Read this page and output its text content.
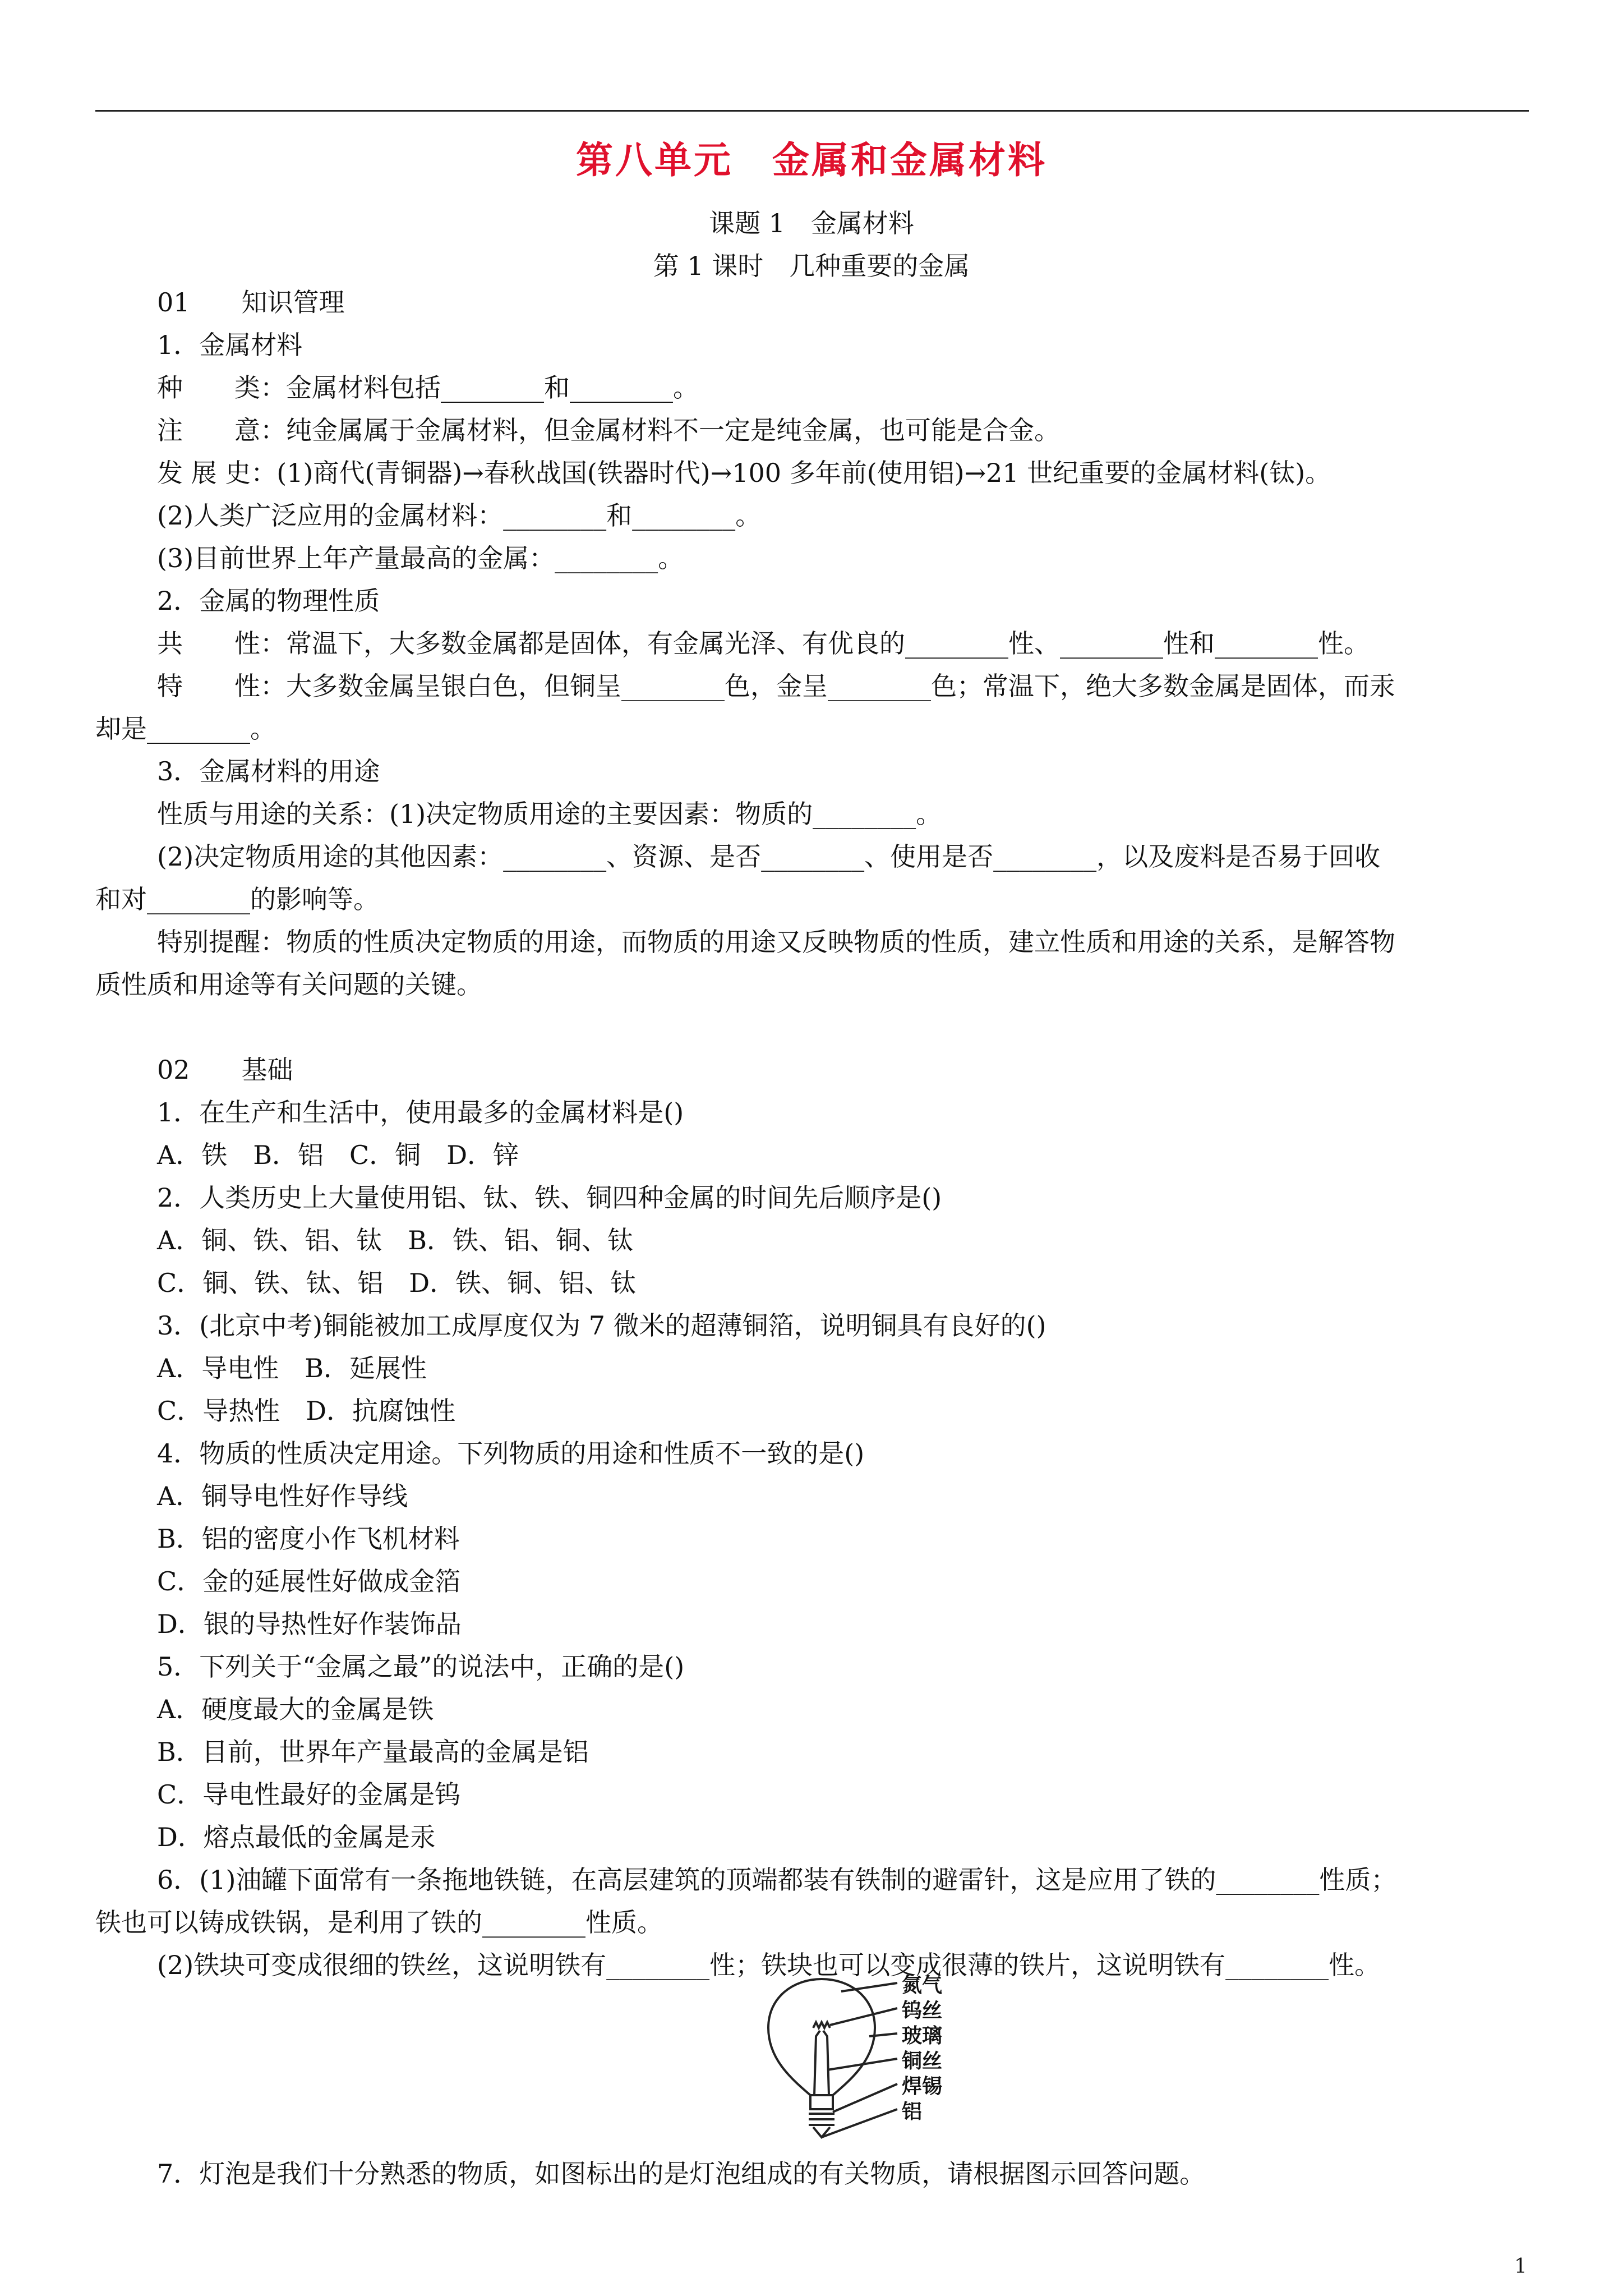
第八单元　金属和金属材料
课题 1　金属材料
第 1 课时　几种重要的金属
01　　知识管理
1．金属材料
种　　类：金属材料包括________和________。
注　　意：纯金属属于金属材料，但金属材料不一定是纯金属，也可能是合金。
发 展 史：(1)商代(青铜器)→春秋战国(铁器时代)→100 多年前(使用铝)→21 世纪重要的金属材料(钛)。
(2)人类广泛应用的金属材料：________和________。
(3)目前世界上年产量最高的金属：________。
2．金属的物理性质
共　　性：常温下，大多数金属都是固体，有金属光泽、有优良的________性、________性和________性。
特　　性：大多数金属呈银白色，但铜呈________色，金呈________色；常温下，绝大多数金属是固体，而汞
却是________。
3．金属材料的用途
性质与用途的关系：(1)决定物质用途的主要因素：物质的________。
(2)决定物质用途的其他因素：________、资源、是否________、使用是否________，以及废料是否易于回收
和对________的影响等。
特别提醒：物质的性质决定物质的用途，而物质的用途又反映物质的性质，建立性质和用途的关系，是解答物
质性质和用途等有关问题的关键。
02　　基础
1．在生产和生活中，使用最多的金属材料是()
A．铁　B．铝　C．铜　D．锌
2．人类历史上大量使用铝、钛、铁、铜四种金属的时间先后顺序是()
A．铜、铁、铝、钛　B．铁、铝、铜、钛
C．铜、铁、钛、铝　D．铁、铜、铝、钛
3．(北京中考)铜能被加工成厚度仅为 7 微米的超薄铜箔，说明铜具有良好的()
A．导电性　B．延展性
C．导热性　D．抗腐蚀性
4．物质的性质决定用途。下列物质的用途和性质不一致的是()
A．铜导电性好作导线
B．铝的密度小作飞机材料
C．金的延展性好做成金箔
D．银的导热性好作装饰品
5．下列关于“金属之最”的说法中，正确的是()
A．硬度最大的金属是铁
B．目前，世界年产量最高的金属是铝
C．导电性最好的金属是钨
D．熔点最低的金属是汞
6．(1)油罐下面常有一条拖地铁链，在高层建筑的顶端都装有铁制的避雷针，这是应用了铁的________性质；
铁也可以铸成铁锅，是利用了铁的________性质。
(2)铁块可变成很细的铁丝，这说明铁有________性；铁块也可以变成很薄的铁片，这说明铁有________性。
氮气
钨丝
玻璃
铜丝
焊锡
铝
7．灯泡是我们十分熟悉的物质，如图标出的是灯泡组成的有关物质，请根据图示回答问题。
1
